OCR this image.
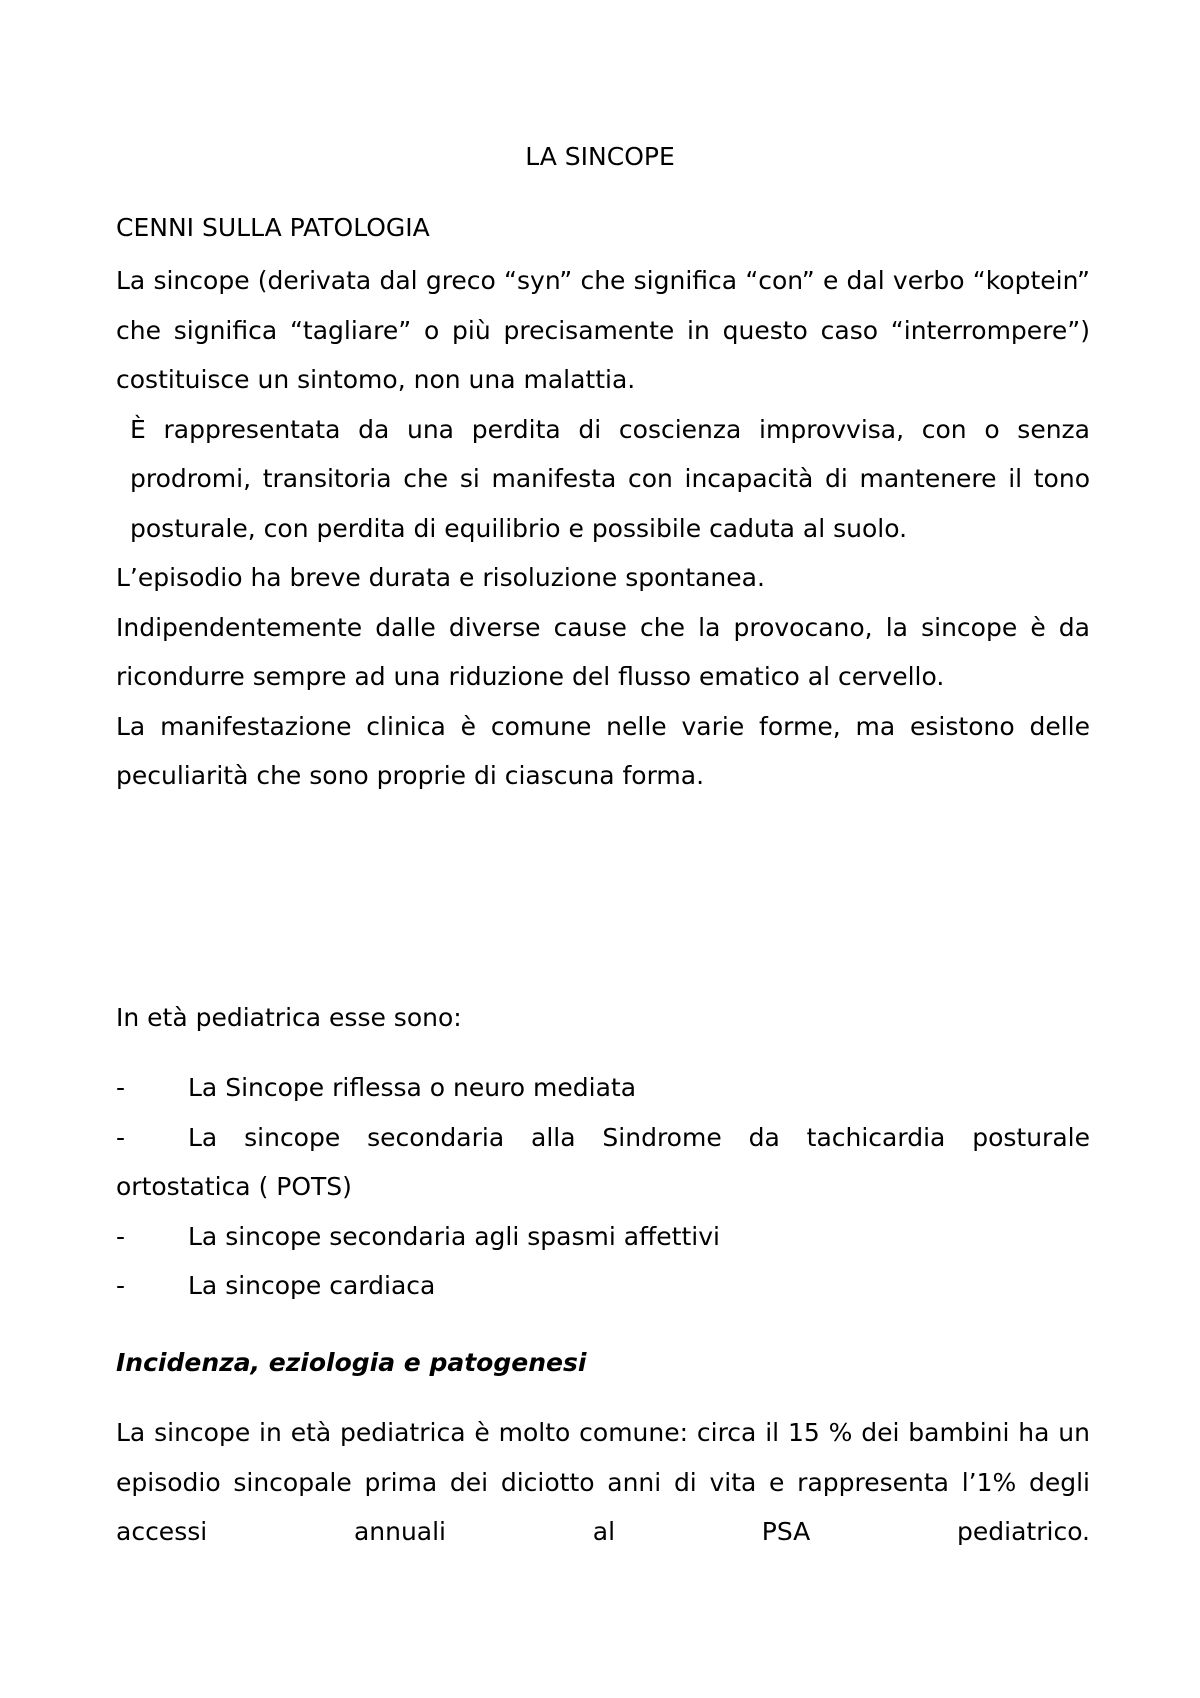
LA SINCOPE
CENNI SULLA PATOLOGIA

La sincope (derivata dal greco “syn” che significa “con” e dal verbo “koptein” che significa “tagliare” o più precisamente in questo caso “interrompere”) costituisce un sintomo, non una malattia.

È rappresentata da una perdita di coscienza improvvisa, con o senza prodromi, transitoria che si manifesta con incapacità di mantenere il tono posturale, con perdita di equilibrio e possibile caduta al suolo.

L’episodio ha breve durata e risoluzione spontanea.

Indipendentemente dalle diverse cause che la provocano, la sincope è da ricondurre sempre ad una riduzione del flusso ematico al cervello.

La manifestazione clinica è comune nelle varie forme, ma esistono delle peculiarità che sono proprie di ciascuna forma.

In età pediatrica esse sono:

-	La Sincope riflessa o neuro mediata
-	La sincope secondaria alla Sindrome da tachicardia posturale ortostatica ( POTS)
-	La sincope secondaria agli spasmi affettivi
-	La sincope cardiaca

Incidenza, eziologia e patogenesi

La sincope in età pediatrica è molto comune: circa il 15 % dei bambini ha un episodio sincopale prima dei diciotto anni di vita e rappresenta l’1% degli accessi annuali al PSA pediatrico.
